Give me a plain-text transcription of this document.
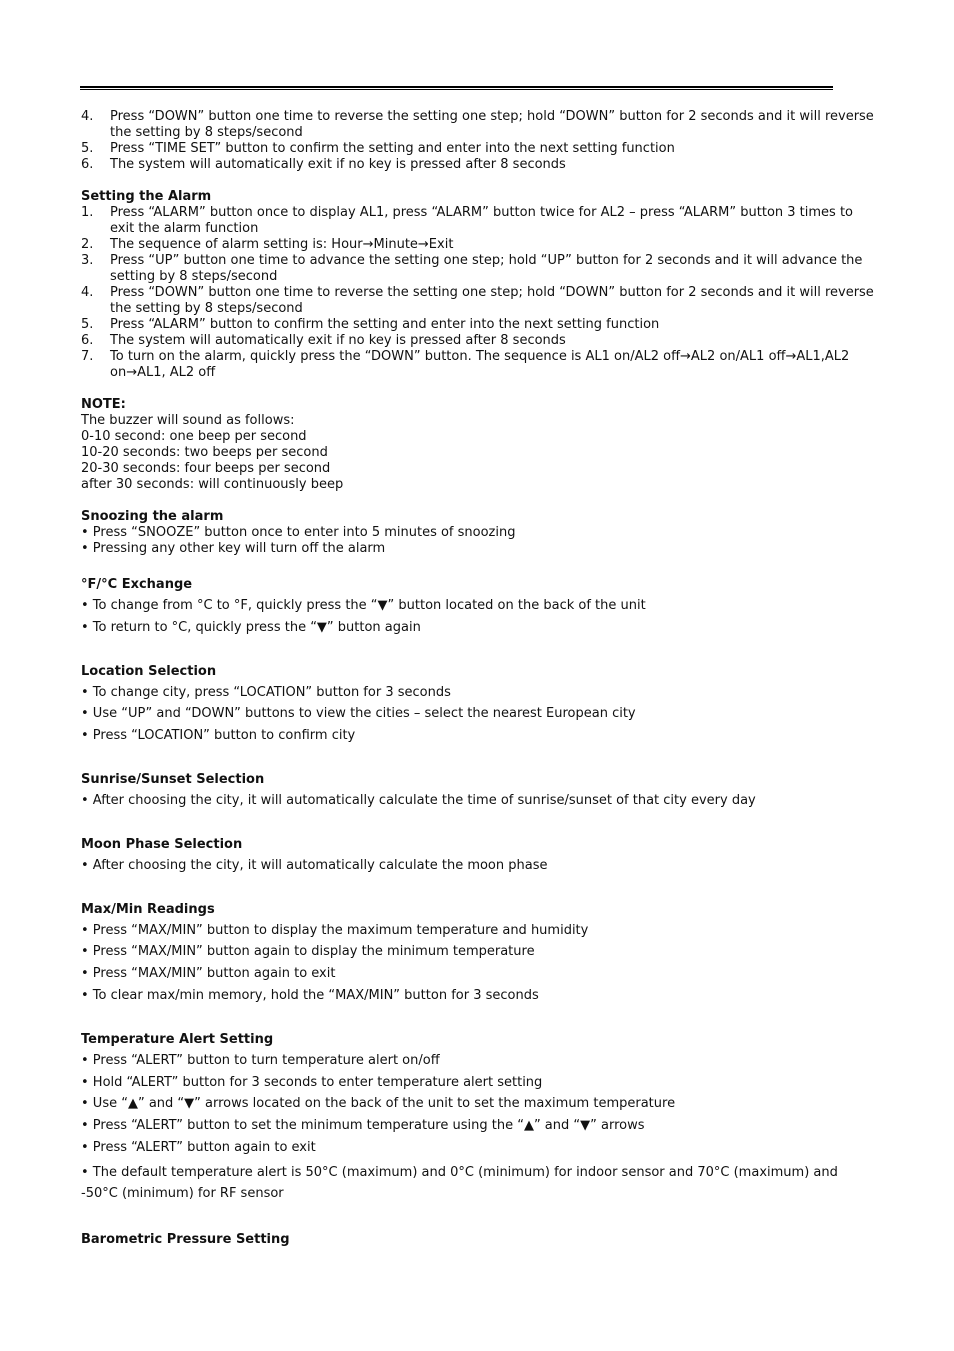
4. Press “DOWN” button one time to reverse the setting one step; hold “DOWN” button for 2 seconds and it will reverse the setting by 8 steps/second
5. Press “TIME SET” button to confirm the setting and enter into the next setting function
6. The system will automatically exit if no key is pressed after 8 seconds
Setting the Alarm
1. Press “ALARM” button once to display AL1, press “ALARM” button twice for AL2 – press “ALARM” button 3 times to exit the alarm function
2. The sequence of alarm setting is: Hour→Minute→Exit
3. Press “UP” button one time to advance the setting one step; hold “UP” button for 2 seconds and it will advance the setting by 8 steps/second
4. Press “DOWN” button one time to reverse the setting one step; hold “DOWN” button for 2 seconds and it will reverse the setting by 8 steps/second
5. Press “ALARM” button to confirm the setting and enter into the next setting function
6. The system will automatically exit if no key is pressed after 8 seconds
7. To turn on the alarm, quickly press the “DOWN” button. The sequence is AL1 on/AL2 off→AL2 on/AL1 off→AL1,AL2 on→AL1, AL2 off
NOTE:
The buzzer will sound as follows:
0-10 second: one beep per second
10-20 seconds: two beeps per second
20-30 seconds: four beeps per second
after 30 seconds: will continuously beep
Snoozing the alarm
• Press “SNOOZE” button once to enter into 5 minutes of snoozing
• Pressing any other key will turn off the alarm
°F/°C Exchange
• To change from °C to °F, quickly press the “▼” button located on the back of the unit
• To return to °C, quickly press the “▼” button again
Location Selection
• To change city, press “LOCATION” button for 3 seconds
• Use “UP” and “DOWN” buttons to view the cities – select the nearest European city
• Press “LOCATION” button to confirm city
Sunrise/Sunset Selection
• After choosing the city, it will automatically calculate the time of sunrise/sunset of that city every day
Moon Phase Selection
• After choosing the city, it will automatically calculate the moon phase
Max/Min Readings
• Press “MAX/MIN” button to display the maximum temperature and humidity
• Press “MAX/MIN” button again to display the minimum temperature
• Press “MAX/MIN” button again to exit
• To clear max/min memory, hold the “MAX/MIN” button for 3 seconds
Temperature Alert Setting
• Press “ALERT” button to turn temperature alert on/off
• Hold “ALERT” button for 3 seconds to enter temperature alert setting
• Use “▲” and “▼” arrows located on the back of the unit to set the maximum temperature
• Press “ALERT” button to set the minimum temperature using the “▲” and “▼” arrows
• Press “ALERT” button again to exit
• The default temperature alert is 50°C (maximum) and 0°C (minimum) for indoor sensor and 70°C (maximum) and -50°C (minimum) for RF sensor
Barometric Pressure Setting
